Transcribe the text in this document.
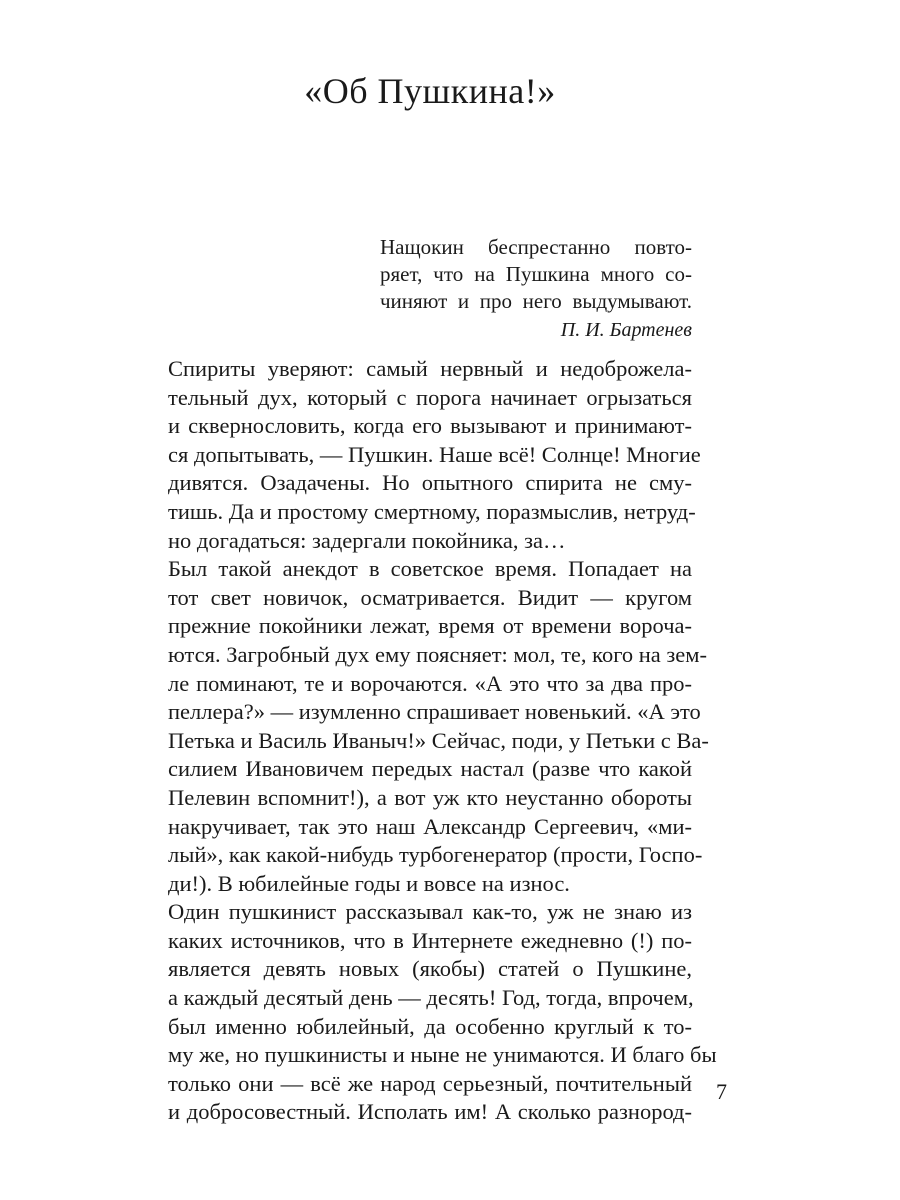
«Об Пушкина!»
Нащокин беспрестанно повто-
ряет, что на Пушкина много со-
чиняют и про него выдумывают.
П. И. Бартенев
Спириты уверяют: самый нервный и недоброжела-
тельный дух, который с порога начинает огрызаться
и сквернословить, когда его вызывают и принимают-
ся допытывать, — Пушкин. Наше всё! Солнце! Многие
дивятся. Озадачены. Но опытного спирита не сму-
тишь. Да и простому смертному, поразмыслив, нетруд-
но догадаться: задергали покойника, за…
Был такой анекдот в советское время. Попадает на
тот свет новичок, осматривается. Видит — кругом
прежние покойники лежат, время от времени вороча-
ются. Загробный дух ему поясняет: мол, те, кого на зем-
ле поминают, те и ворочаются. «А это что за два про-
пеллера?» — изумленно спрашивает новенький. «А это
Петька и Василь Иваныч!» Сейчас, поди, у Петьки с Ва-
силием Ивановичем передых настал (разве что какой
Пелевин вспомнит!), а вот уж кто неустанно обороты
накручивает, так это наш Александр Сергеевич, «ми-
лый», как какой-нибудь турбогенератор (прости, Госпо-
ди!). В юбилейные годы и вовсе на износ.
Один пушкинист рассказывал как-то, уж не знаю из
каких источников, что в Интернете ежедневно (!) по-
является девять новых (якобы) статей о Пушкине,
а каждый десятый день — десять! Год, тогда, впрочем,
был именно юбилейный, да особенно круглый к то-
му же, но пушкинисты и ныне не унимаются. И благо бы
только они — всё же народ серьезный, почтительный
и добросовестный. Исполать им! А сколько разнород-
7
